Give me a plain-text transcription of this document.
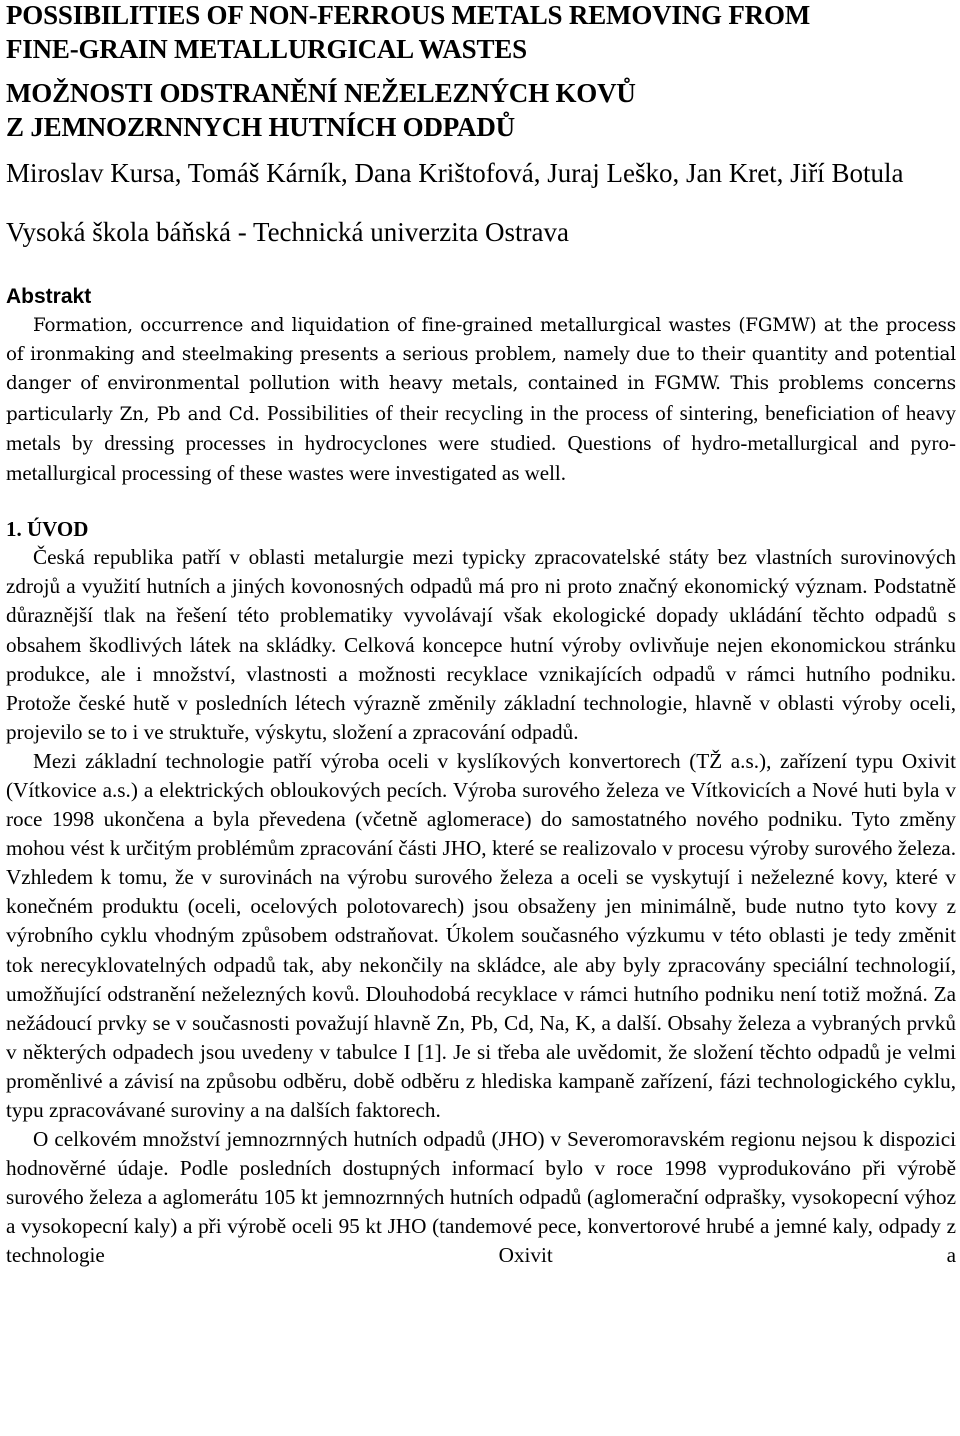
POSSIBILITIES OF NON-FERROUS METALS REMOVING FROM
FINE-GRAIN METALLURGICAL WASTES
MOŽNOSTI ODSTRANĚNÍ NEŽELEZNÝCH KOVŮ
Z JEMNOZRNNYCH HUTNÍCH ODPADŮ
Miroslav Kursa, Tomáš Kárník, Dana Krištofová, Juraj Leško, Jan Kret, Jiří Botula
Vysoká škola báňská - Technická univerzita Ostrava
Abstrakt

Formation, occurrence and liquidation of fine-grained metallurgical wastes (FGMW) at the process of ironmaking and steelmaking presents a serious problem, namely due to their quantity and potential danger of environmental pollution with heavy metals, contained in FGMW. This problems concerns particularly Zn, Pb and Cd. Possibilities of their recycling in the process of sintering, beneficiation of heavy metals by dressing processes in hydrocyclones were studied. Questions of hydro-metallurgical and pyro-metallurgical processing of these wastes were investigated as well.

1. ÚVOD

Česká republika patří v oblasti metalurgie mezi typicky zpracovatelské státy bez vlastních surovinových zdrojů a využití hutních a jiných kovonosných odpadů má pro ni proto značný ekonomický význam. Podstatně důraznější tlak na řešení této problematiky vyvolávají však ekologické dopady ukládání těchto odpadů s obsahem škodlivých látek na skládky. Celková koncepce hutní výroby ovlivňuje nejen ekonomickou stránku produkce, ale i množství, vlastnosti a možnosti recyklace vznikajících odpadů v rámci hutního podniku. Protože české hutě v posledních létech výrazně změnily základní technologie, hlavně v oblasti výroby oceli, projevilo se to i ve struktuře, výskytu, složení a zpracování odpadů.

Mezi základní technologie patří výroba oceli v kyslíkových konvertorech (TŽ a.s.), zařízení typu Oxivit (Vítkovice a.s.) a elektrických obloukových pecích. Výroba surového železa ve Vítkovicích a Nové huti byla v roce 1998 ukončena a byla převedena (včetně aglomerace) do samostatného nového podniku. Tyto změny mohou vést k určitým problémům zpracování části JHO, které se realizovalo v procesu výroby surového železa. Vzhledem k tomu, že v surovinách na výrobu surového železa a oceli se vyskytují i neželezné kovy, které v konečném produktu (oceli, ocelových polotovarech) jsou obsaženy jen minimálně, bude nutno tyto kovy z výrobního cyklu vhodným způsobem odstraňovat. Úkolem současného výzkumu v této oblasti je tedy změnit tok nerecyklovatelných odpadů tak, aby nekončily na skládce, ale aby byly zpracovány speciální technologií, umožňující odstranění neželezných kovů. Dlouhodobá recyklace v rámci hutního podniku není totiž možná. Za nežádoucí prvky se v současnosti považují hlavně Zn, Pb, Cd, Na, K, a další. Obsahy železa a vybraných prvků v některých odpadech jsou uvedeny v tabulce I [1]. Je si třeba ale uvědomit, že složení těchto odpadů je velmi proměnlivé a závisí na způsobu odběru, době odběru z hlediska kampaně zařízení, fázi technologického cyklu, typu zpracovávané suroviny a na dalších faktorech.

O celkovém množství jemnozrnných hutních odpadů (JHO) v Severomoravském regionu nejsou k dispozici hodnověrné údaje. Podle posledních dostupných informací bylo v roce 1998 vyprodukováno při výrobě surového železa a aglomerátu 105 kt jemnozrnných hutních odpadů (aglomerační odprašky, vysokopecní výhoz a vysokopecní kaly) a při výrobě oceli 95 kt JHO (tandemové pece, konvertorové hrubé a jemné kaly, odpady z technologie Oxivit a
